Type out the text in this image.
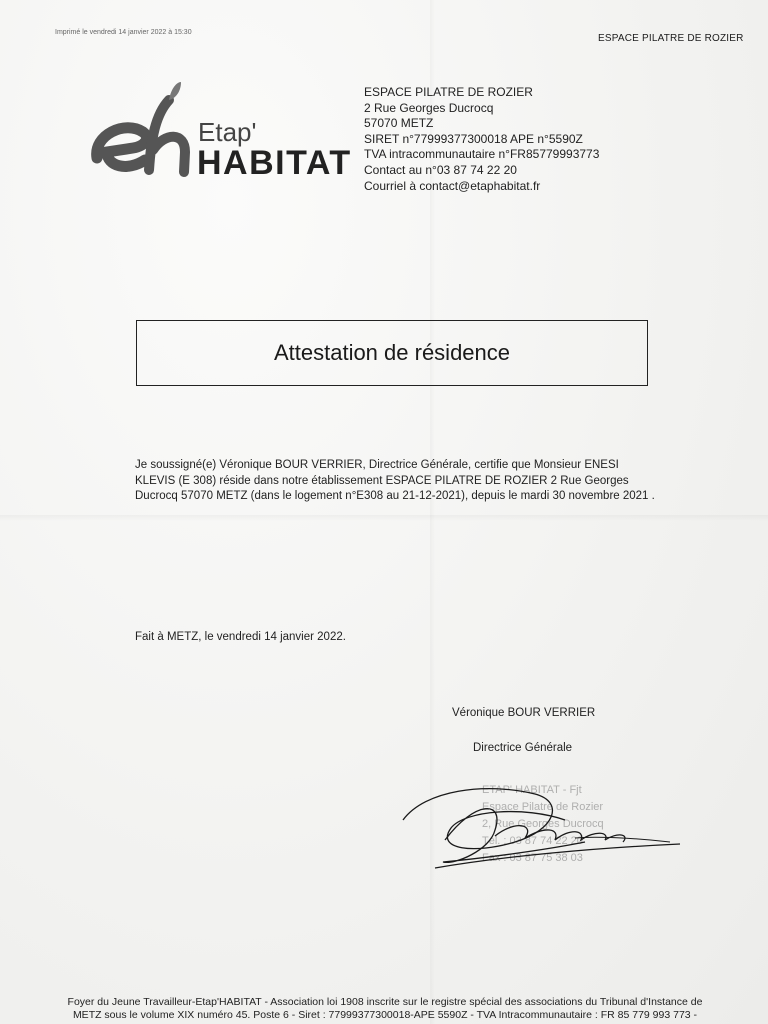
Imprimé le vendredi 14 janvier 2022 à 15:30
ESPACE PILATRE DE ROZIER
Etap'
HABITAT
ESPACE PILATRE DE ROZIER
2 Rue Georges Ducrocq
57070 METZ
SIRET n°77999377300018 APE n°5590Z
TVA intracommunautaire n°FR85779993773
Contact au n°03 87 74 22 20
Courriel à contact@etaphabitat.fr
Attestation de résidence
Je soussigné(e) Véronique BOUR VERRIER, Directrice Générale, certifie que Monsieur ENESI KLEVIS (E 308) réside dans notre établissement ESPACE PILATRE DE ROZIER 2 Rue Georges Ducrocq 57070 METZ (dans le logement n°E308 au 21-12-2021), depuis le mardi 30 novembre 2021 .
Fait à METZ, le vendredi 14 janvier 2022.
Véronique BOUR VERRIER
Directrice Générale
ETAP' HABITAT - Fjt
Espace Pilatre de Rozier
2, Rue Georges Ducrocq
Tél. : 03 87 74 22 20
Fax : 03 87 75 38 03
Foyer du Jeune Travailleur-Etap'HABITAT - Association loi 1908 inscrite sur le registre spécial des associations du Tribunal d'Instance de
METZ sous le volume XIX numéro 45. Poste 6 - Siret : 77999377300018-APE 5590Z - TVA Intracommunautaire : FR 85 779 993 773 -
